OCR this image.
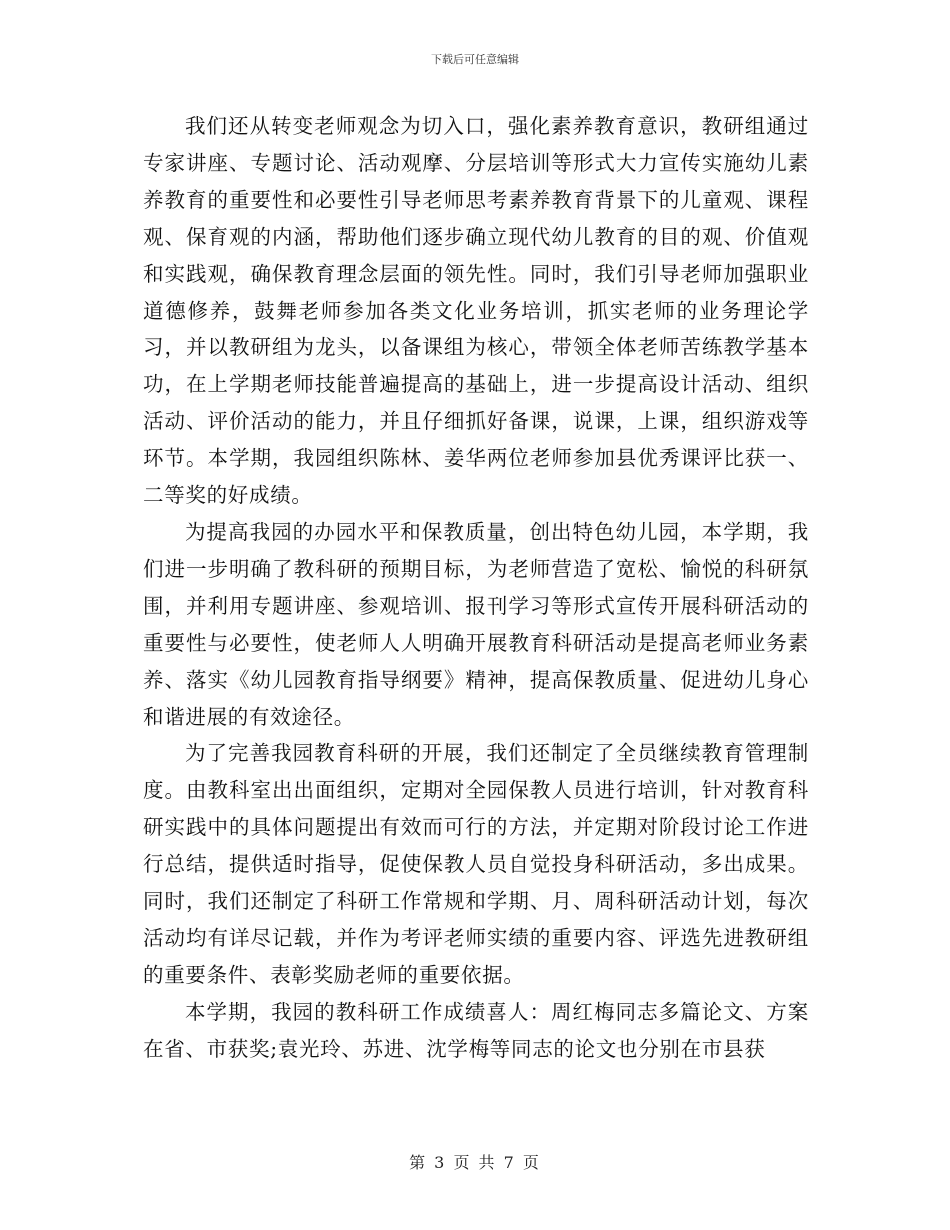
下载后可任意编辑

我们还从转变老师观念为切入口，强化素养教育意识，教研组通过专家讲座、专题讨论、活动观摩、分层培训等形式大力宣传实施幼儿素养教育的重要性和必要性引导老师思考素养教育背景下的儿童观、课程观、保育观的内涵，帮助他们逐步确立现代幼儿教育的目的观、价值观和实践观，确保教育理念层面的领先性。同时，我们引导老师加强职业道德修养，鼓舞老师参加各类文化业务培训，抓实老师的业务理论学习，并以教研组为龙头，以备课组为核心，带领全体老师苦练教学基本功，在上学期老师技能普遍提高的基础上，进一步提高设计活动、组织活动、评价活动的能力，并且仔细抓好备课，说课，上课，组织游戏等环节。本学期，我园组织陈林、姜华两位老师参加县优秀课评比获一、二等奖的好成绩。

为提高我园的办园水平和保教质量，创出特色幼儿园，本学期，我们进一步明确了教科研的预期目标，为老师营造了宽松、愉悦的科研氛围，并利用专题讲座、参观培训、报刊学习等形式宣传开展科研活动的重要性与必要性，使老师人人明确开展教育科研活动是提高老师业务素养、落实《幼儿园教育指导纲要》精神，提高保教质量、促进幼儿身心和谐进展的有效途径。

为了完善我园教育科研的开展，我们还制定了全员继续教育管理制度。由教科室出出面组织，定期对全园保教人员进行培训，针对教育科研实践中的具体问题提出有效而可行的方法，并定期对阶段讨论工作进行总结，提供适时指导，促使保教人员自觉投身科研活动，多出成果。同时，我们还制定了科研工作常规和学期、月、周科研活动计划，每次活动均有详尽记载，并作为考评老师实绩的重要内容、评选先进教研组的重要条件、表彰奖励老师的重要依据。

本学期，我园的教科研工作成绩喜人：周红梅同志多篇论文、方案在省、市获奖;袁光玲、苏进、沈学梅等同志的论文也分别在市县获

第 3 页 共 7 页
